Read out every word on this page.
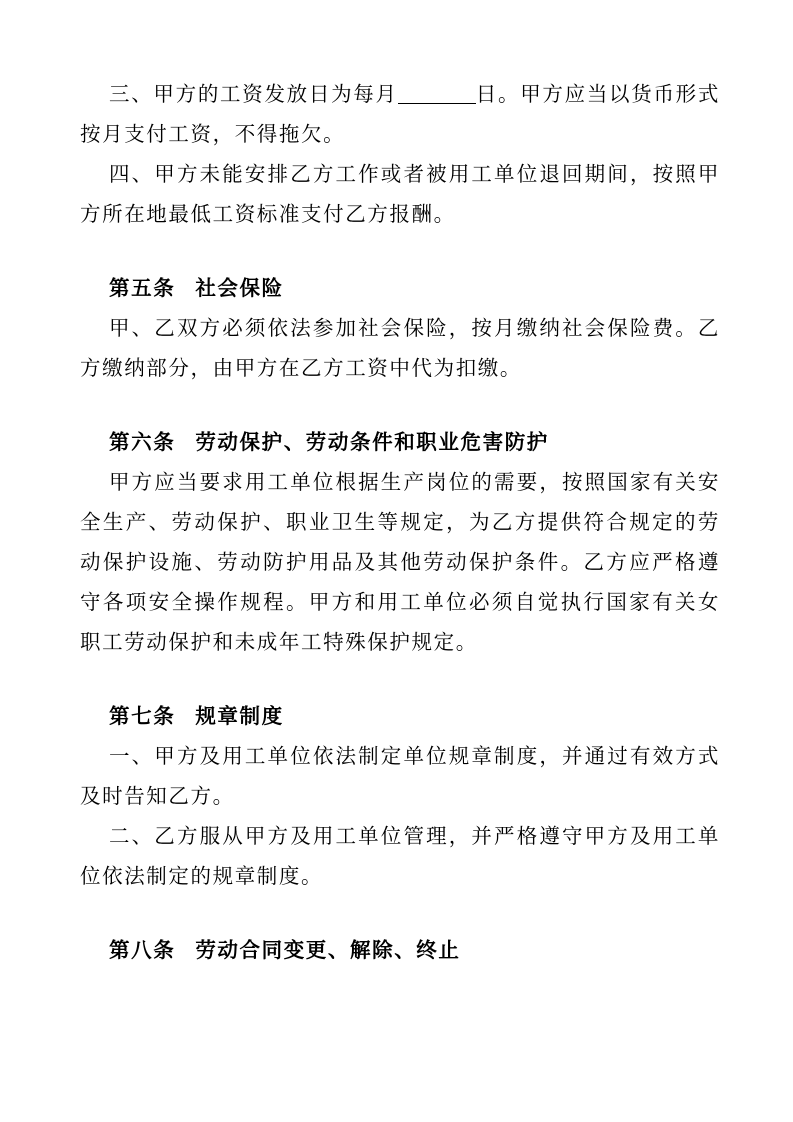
三、甲方的工资发放日为每月	日。甲方应当以货币形式按月支付工资，不得拖欠。

四、甲方未能安排乙方工作或者被用工单位退回期间，按照甲方所在地最低工资标准支付乙方报酬。

第五条 社会保险

甲、乙双方必须依法参加社会保险，按月缴纳社会保险费。乙方缴纳部分，由甲方在乙方工资中代为扣缴。

第六条 劳动保护、劳动条件和职业危害防护

甲方应当要求用工单位根据生产岗位的需要，按照国家有关安全生产、劳动保护、职业卫生等规定，为乙方提供符合规定的劳动保护设施、劳动防护用品及其他劳动保护条件。乙方应严格遵守各项安全操作规程。甲方和用工单位必须自觉执行国家有关女职工劳动保护和未成年工特殊保护规定。

第七条 规章制度

一、甲方及用工单位依法制定单位规章制度，并通过有效方式及时告知乙方。

二、乙方服从甲方及用工单位管理，并严格遵守甲方及用工单位依法制定的规章制度。

第八条 劳动合同变更、解除、终止
